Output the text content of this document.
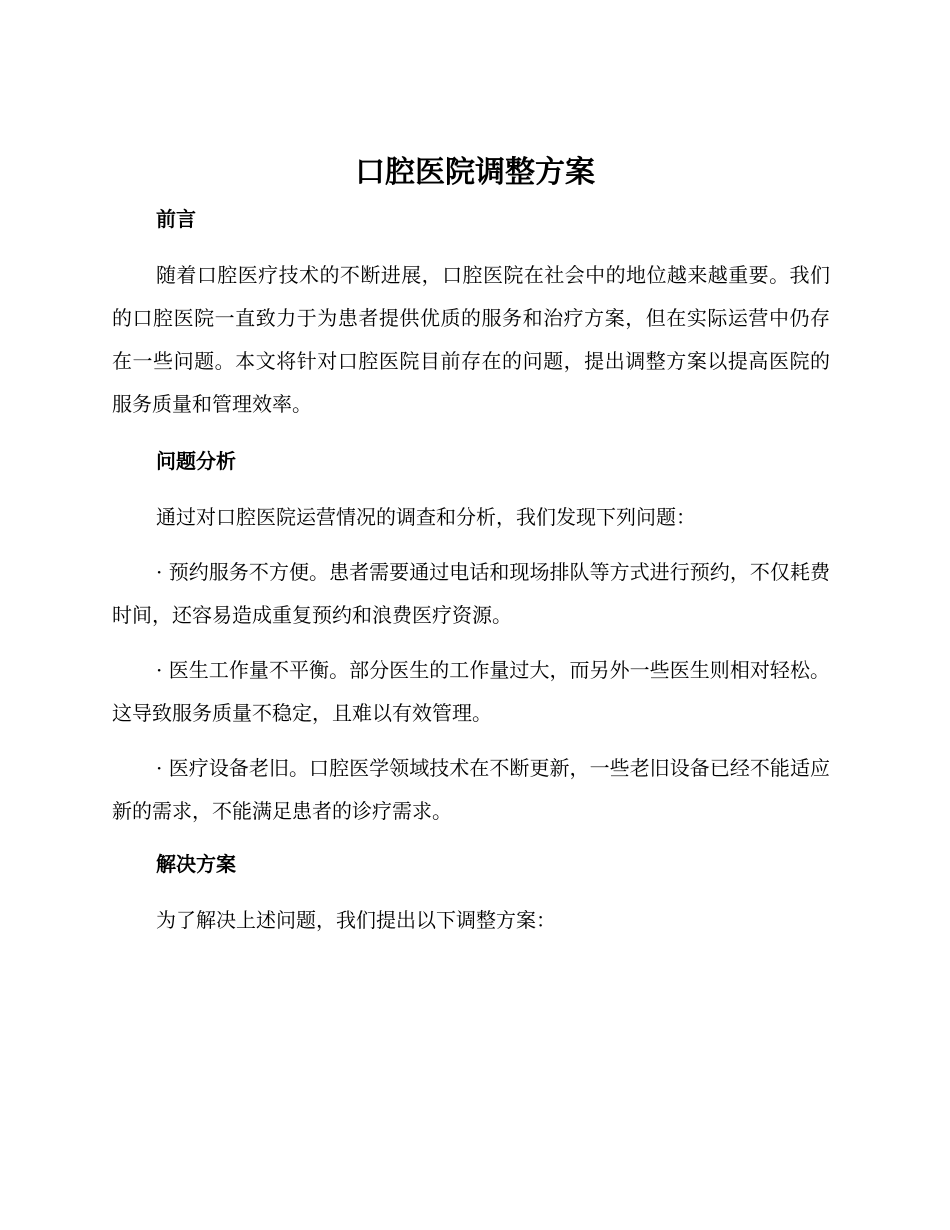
口腔医院调整方案

前言

随着口腔医疗技术的不断进展，口腔医院在社会中的地位越来越重要。我们的口腔医院一直致力于为患者提供优质的服务和治疗方案，但在实际运营中仍存在一些问题。本文将针对口腔医院目前存在的问题，提出调整方案以提高医院的服务质量和管理效率。

问题分析

通过对口腔医院运营情况的调查和分析，我们发现下列问题：

· 预约服务不方便。患者需要通过电话和现场排队等方式进行预约，不仅耗费时间，还容易造成重复预约和浪费医疗资源。

· 医生工作量不平衡。部分医生的工作量过大，而另外一些医生则相对轻松。这导致服务质量不稳定，且难以有效管理。

· 医疗设备老旧。口腔医学领域技术在不断更新，一些老旧设备已经不能适应新的需求，不能满足患者的诊疗需求。

解决方案

为了解决上述问题，我们提出以下调整方案：
